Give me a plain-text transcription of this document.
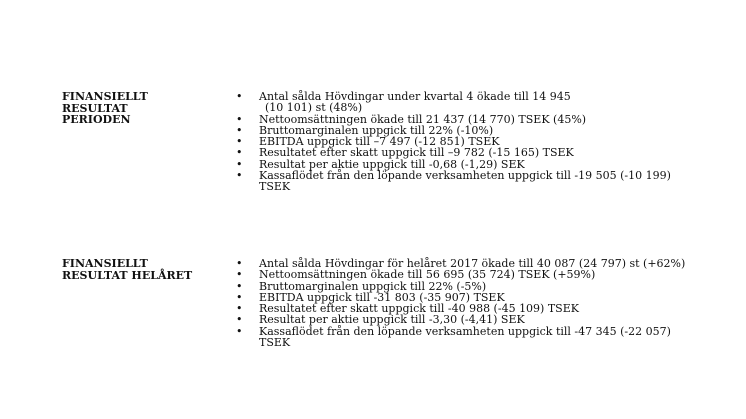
FINANSIELLT
RESULTAT
PERIODEN
• Antal sålda Hövdingar under kvartal 4 ökade till 14 945
(10 101) st (48%)
• Nettoomsättningen ökade till 21 437 (14 770) TSEK (45%)
• Bruttomarginalen uppgick till 22% (-10%)
• EBITDA uppgick till –7 497 (-12 851) TSEK
• Resultatet efter skatt uppgick till –9 782 (-15 165) TSEK
• Resultat per aktie uppgick till -0,68 (-1,29) SEK
• Kassaflödet från den löpande verksamheten uppgick till -19 505 (-10 199)
TSEK
FINANSIELLT
RESULTAT HELÅRET
• Antal sålda Hövdingar för helåret 2017 ökade till 40 087 (24 797) st (+62%)
• Nettoomsättningen ökade till 56 695 (35 724) TSEK (+59%)
• Bruttomarginalen uppgick till 22% (-5%)
• EBITDA uppgick till -31 803 (-35 907) TSEK
• Resultatet efter skatt uppgick till -40 988 (-45 109) TSEK
• Resultat per aktie uppgick till -3,30 (-4,41) SEK
• Kassaflödet från den löpande verksamheten uppgick till -47 345 (-22 057)
TSEK
